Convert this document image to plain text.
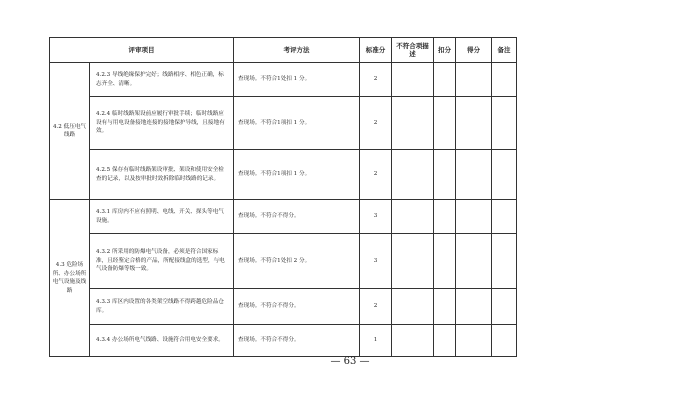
评审项目		考评方法	标准分	不符合项描述	扣分	得分	备注
4.2 低压电气线路	4.2.3 导线绝缘保护完好；线路相序、相色正确，标志齐全、清晰。	查现场。不符合1处扣 1 分。	2				
	4.2.4 临时线路架设前应履行审批手续；临时线路应设有与用电设备接地连接的接地保护导线，且接地有效。	查现场。不符合1项扣 1 分。	2				
	4.2.5 保存有临时线路架设审批、架设和使用安全检查的记录，以及按审批时效拆除临时线路的记录。	查现场。不符合1项扣 1 分。	2				
4.3 危险场所、办公场所电气设施及线路	4.3.1 库房内不应有照明、电线、开关、探头等电气设施。	查现场。不符合不得分。	3				
	4.3.2 所采用的防爆电气设备，必须是符合国家标准，且经鉴定合格的产品，所配接线盒的选型，与电气设备防爆等级一致。	查现场。不符合1处扣 2 分。	3				
	4.3.3 库区内设置的各类架空线路不得跨越危险品仓库。	查现场。不符合不得分。	2				
	4.3.4 办公场所电气线路、设施符合用电安全要求。	查现场。不符合不得分。	1				
— 63 —
